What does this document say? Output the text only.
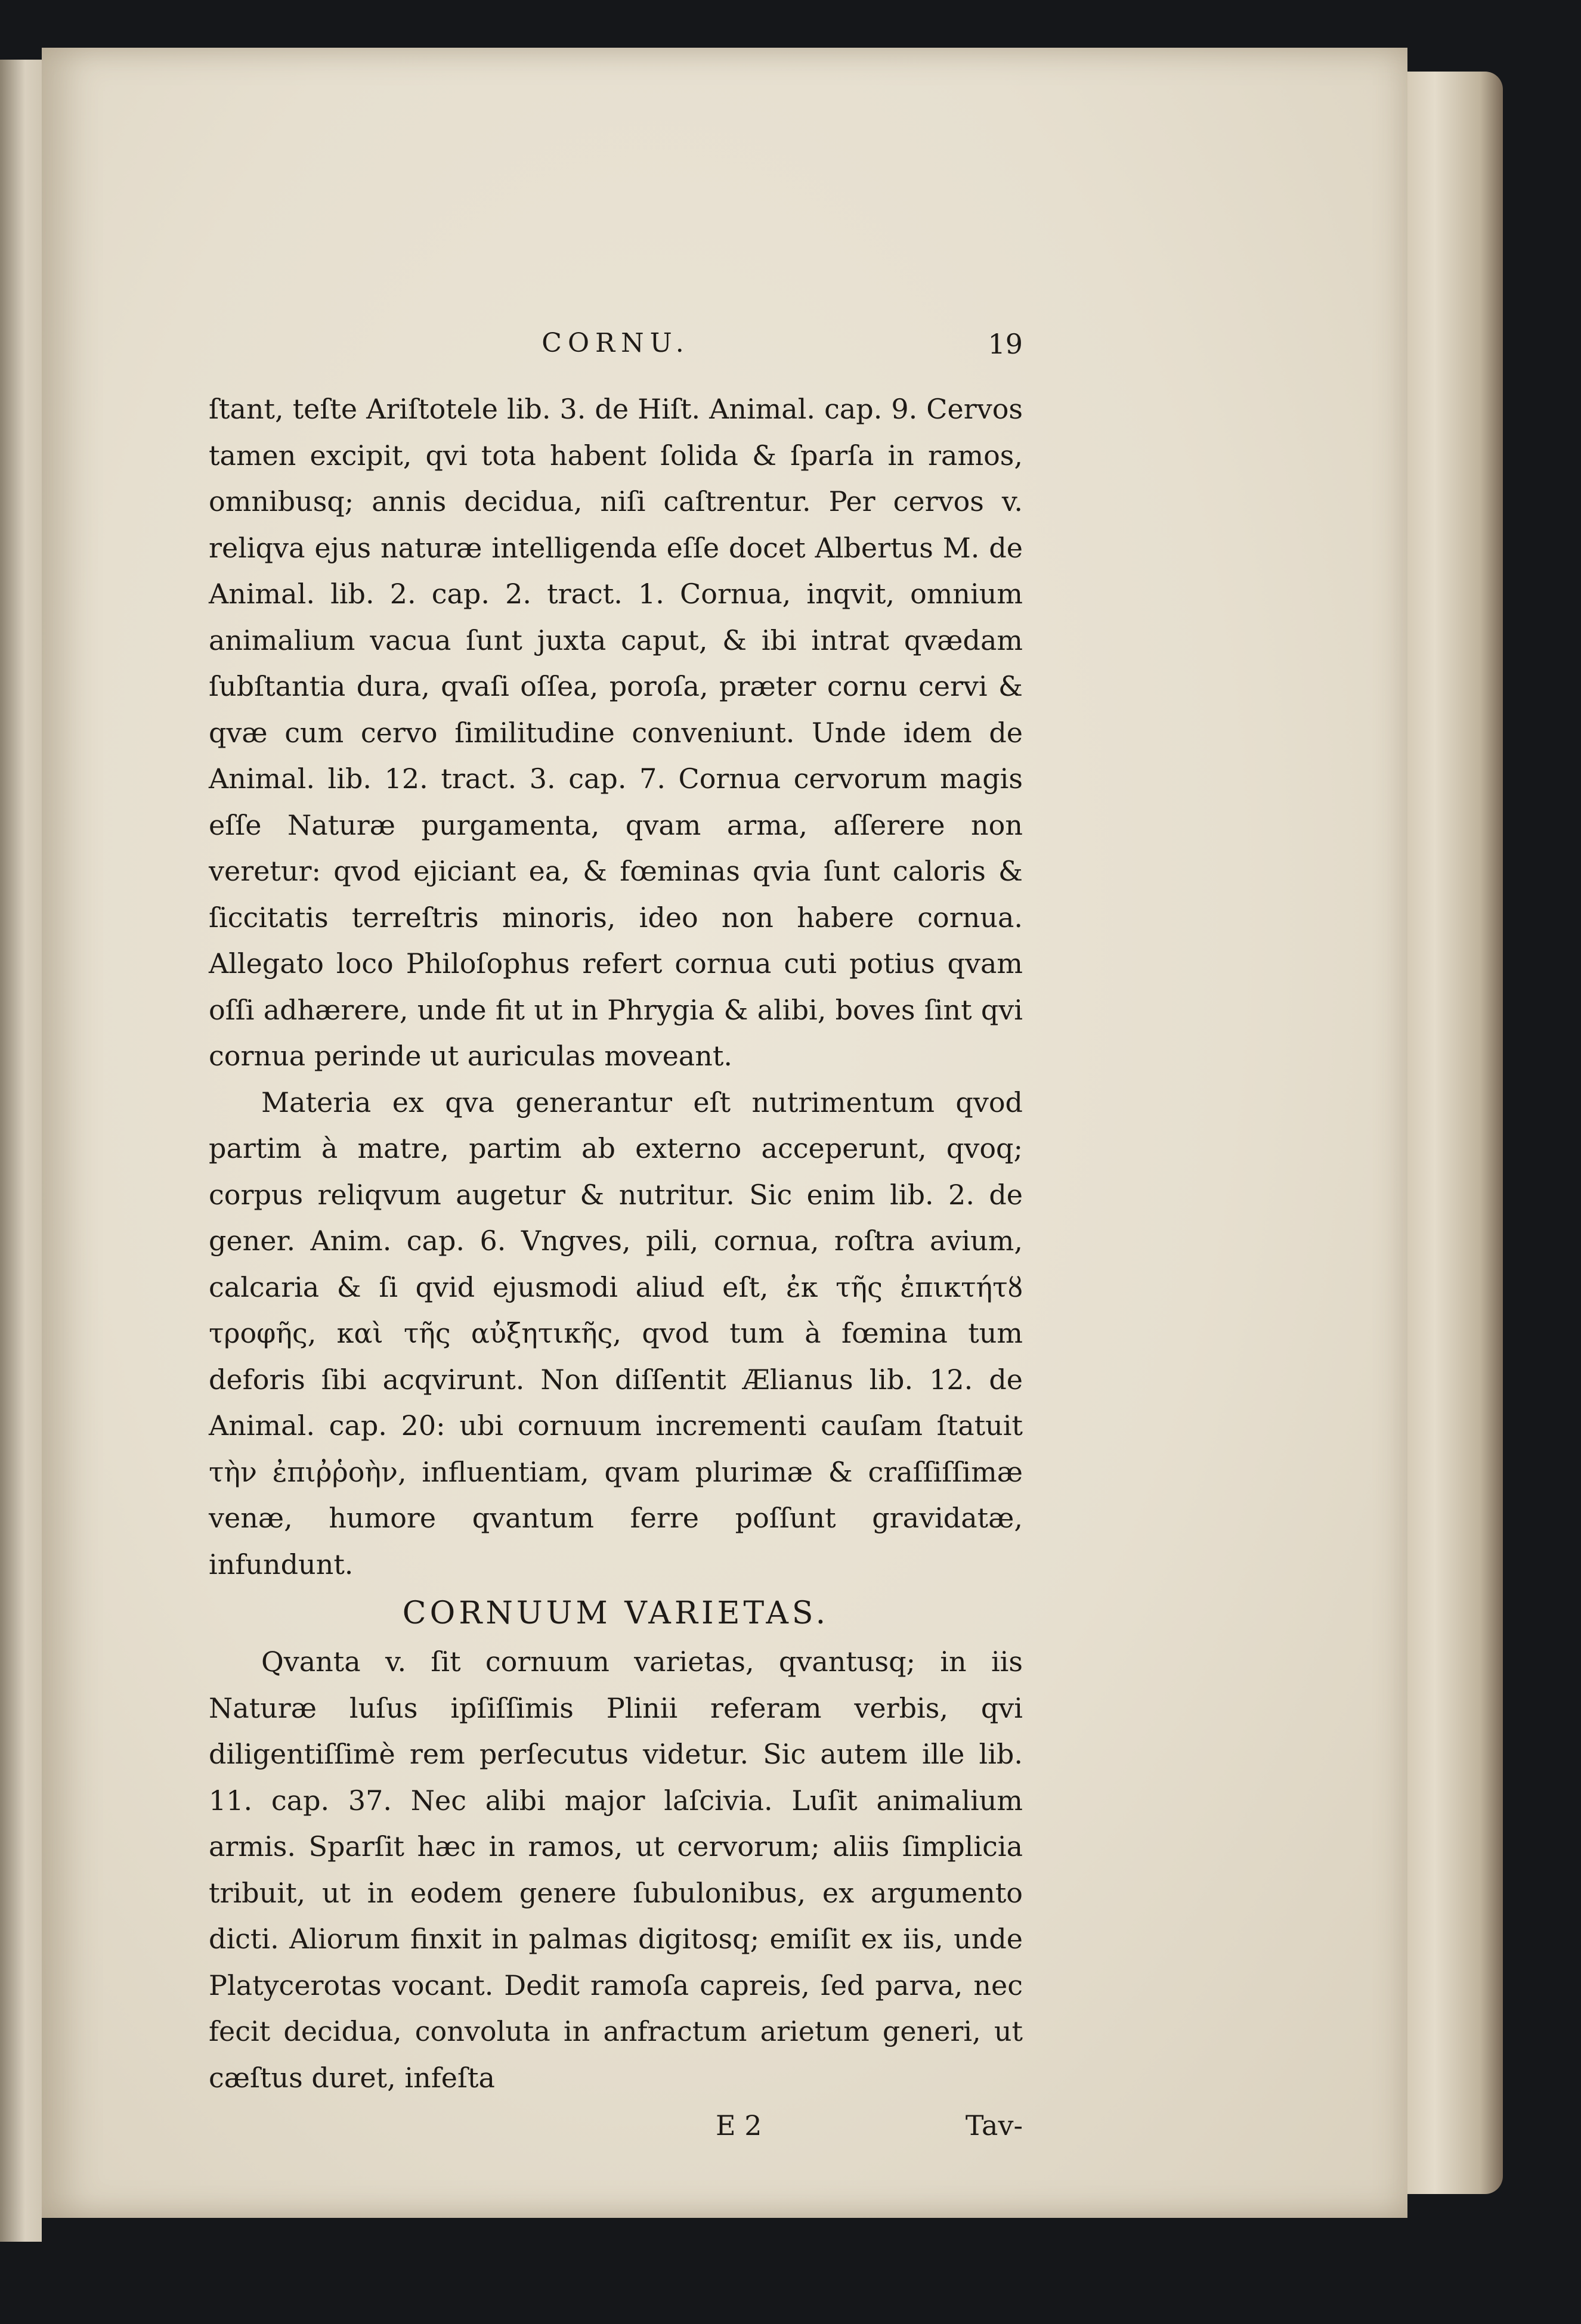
CORNU.	19

ſtant, teſte Ariſtotele lib. 3. de Hiſt. Animal. cap. 9. Cervos tamen excipit, qvi tota habent ſolida & ſparſa in ramos, omnibusq; annis decidua, niſi caſtrentur. Per cervos v. reliqva ejus naturæ intelligenda eſſe docet Albertus M. de Animal. lib. 2. cap. 2. tract. 1. Cornua, inqvit, omnium animalium vacua ſunt juxta caput, & ibi intrat qvædam ſubſtantia dura, qvaſi oſſea, poroſa, præter cornu cervi & qvæ cum cervo ſimilitudine conveniunt. Unde idem de Animal. lib. 12. tract. 3. cap. 7. Cornua cervorum magis eſſe Naturæ purgamenta, qvam arma, aſſerere non veretur: qvod ejiciant ea, & fœminas qvia ſunt caloris & ſiccitatis terreſtris minoris, ideo non habere cornua. Allegato loco Philoſophus refert cornua cuti potius qvam oſſi adhærere, unde fit ut in Phrygia & alibi, boves ſint qvi cornua perinde ut auriculas moveant.

Materia ex qva generantur eſt nutrimentum qvod partim à matre, partim ab externo acceperunt, qvoq; corpus reliqvum augetur & nutritur. Sic enim lib. 2. de gener. Anim. cap. 6. Vngves, pili, cornua, roſtra avium, calcaria & ſi qvid ejusmodi aliud eſt, ἐκ τῆς ἐπικτήτȣ τροφῆς, καὶ τῆς αὐξητικῆς, qvod tum à fœmina tum deforis ſibi acqvirunt. Non diſſentit Ælianus lib. 12. de Animal. cap. 20: ubi cornuum incrementi cauſam ſtatuit τὴν ἐπιῤῥοὴν, influentiam, qvam plurimæ & craſſiſſimæ venæ, humore qvantum ferre poſſunt gravidatæ, infundunt.

CORNUUM VARIETAS.

Qvanta v. ſit cornuum varietas, qvantusq; in iis Naturæ luſus ipſiſſimis Plinii referam verbis, qvi diligentiſſimè rem perſecutus videtur. Sic autem ille lib. 11. cap. 37. Nec alibi major laſcivia. Luſit animalium armis. Sparſit hæc in ramos, ut cervorum; aliis ſimplicia tribuit, ut in eodem genere ſubulonibus, ex argumento dicti. Aliorum finxit in palmas digitosq; emiſit ex iis, unde Platycerotas vocant. Dedit ramoſa capreis, ſed parva, nec fecit decidua, convoluta in anfractum arietum generi, ut cæſtus duret, infeſta

E 2	Tav-
